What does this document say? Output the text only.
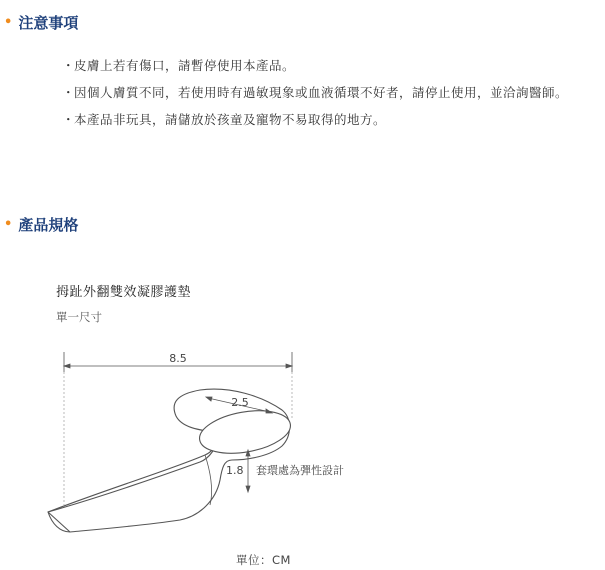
• 注意事項
・
皮膚上若有傷口，請暫停使用本產品。
・
因個人膚質不同，若使用時有過敏現象或血液循環不好者，請停止使用，並洽詢醫師。
・
本產品非玩具，請儲放於孩童及寵物不易取得的地方。
• 產品規格
拇趾外翻雙效凝膠護墊
單一尺寸
8.5
2.5
1.8 套環處為彈性設計
單位：CM
